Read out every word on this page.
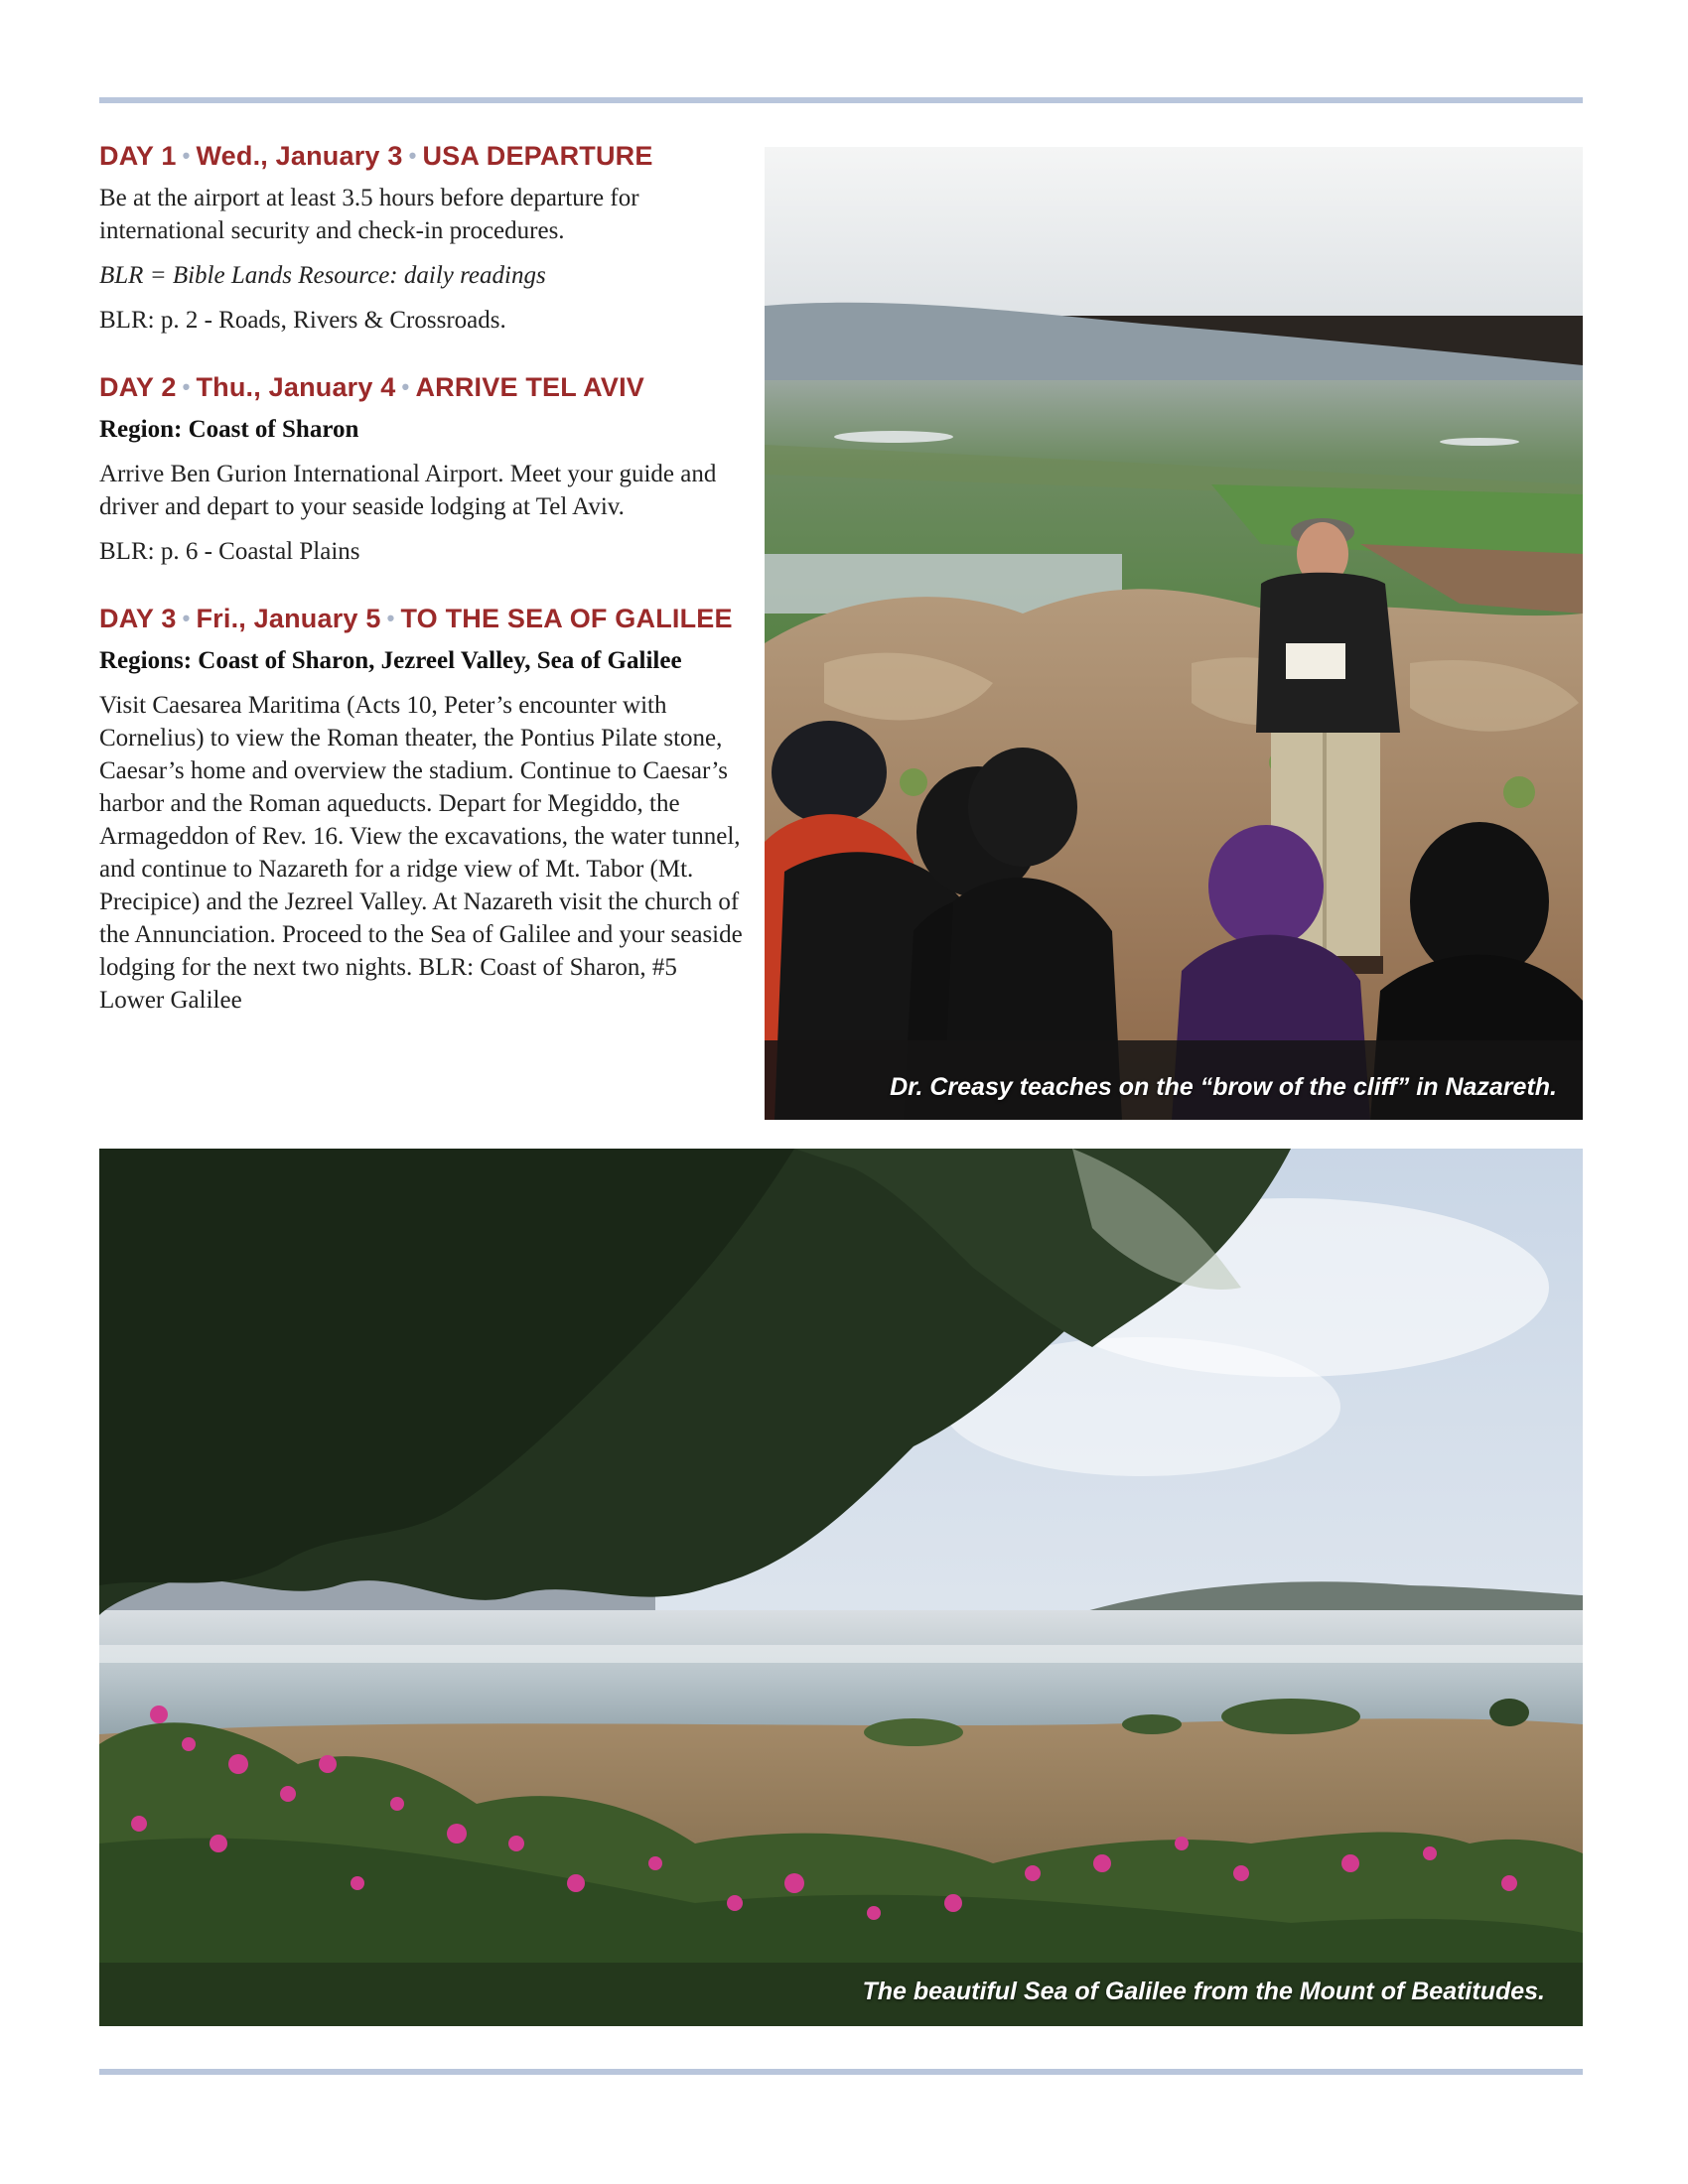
DAY 1 • Wed., January 3 • USA DEPARTURE

Be at the airport at least 3.5 hours before departure for international security and check-in procedures.

BLR = Bible Lands Resource: daily readings

BLR: p. 2 - Roads, Rivers & Crossroads.

DAY 2 • Thu., January 4 • ARRIVE TEL AVIV

Region: Coast of Sharon

Arrive Ben Gurion International Airport. Meet your guide and driver and depart to your seaside lodging at Tel Aviv.

BLR: p. 6 - Coastal Plains

DAY 3 • Fri., January 5 • TO THE SEA OF GALILEE

Regions: Coast of Sharon, Jezreel Valley, Sea of Galilee

Visit Caesarea Maritima (Acts 10, Peter’s encounter with Cornelius) to view the Roman theater, the Pontius Pilate stone, Caesar’s home and overview the stadium. Continue to Caesar’s harbor and the Roman aqueducts. Depart for Megiddo, the Armageddon of Rev. 16. View the excavations, the water tunnel, and continue to Nazareth for a ridge view of Mt. Tabor (Mt. Precipice) and the Jezreel Valley. At Nazareth visit the church of the Annunciation. Proceed to the Sea of Galilee and your seaside lodging for the next two nights. BLR: Coast of Sharon, #5 Lower Galilee

Dr. Creasy teaches on the “brow of the cliff” in Nazareth.
The beautiful Sea of Galilee from the Mount of Beatitudes.
